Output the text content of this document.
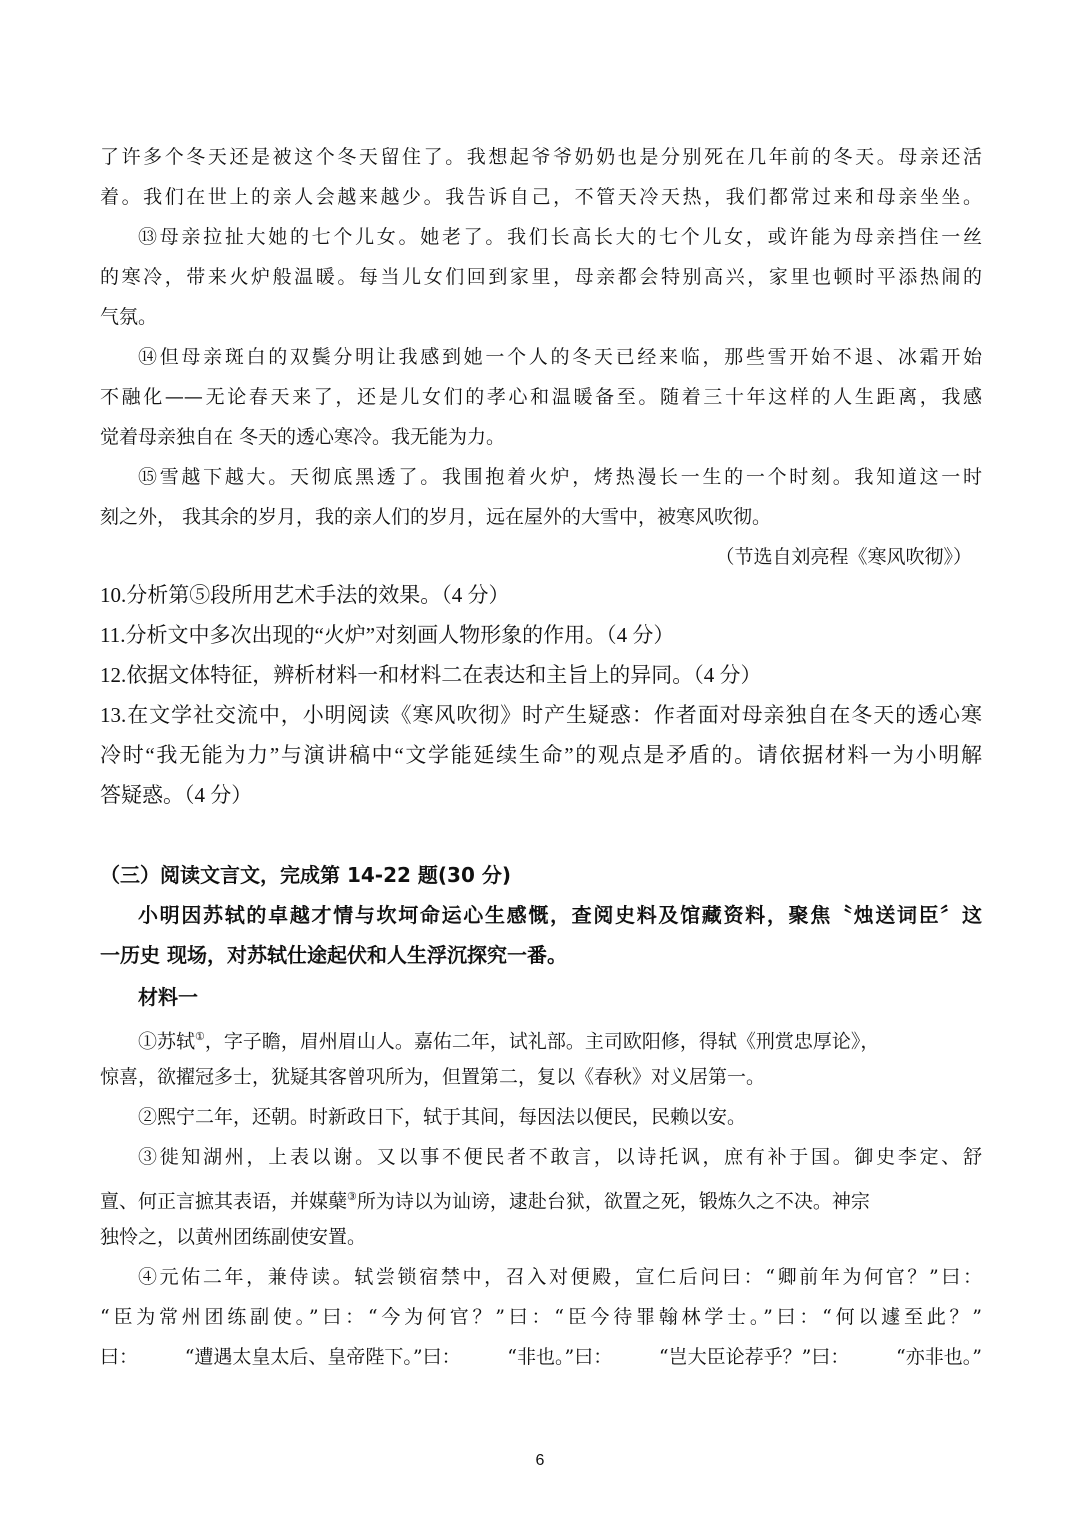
了许多个冬天还是被这个冬天留住了。我想起爷爷奶奶也是分别死在几年前的冬天。母亲还活

着。我们在世上的亲人会越来越少。我告诉自己，不管天冷天热，我们都常过来和母亲坐坐。

⑬母亲拉扯大她的七个儿女。她老了。我们长高长大的七个儿女，或许能为母亲挡住一丝

的寒冷，带来火炉般温暖。每当儿女们回到家里，母亲都会特别高兴，家里也顿时平添热闹的

气氛。

⑭但母亲斑白的双鬓分明让我感到她一个人的冬天已经来临，那些雪开始不退、冰霜开始

不融化——无论春天来了，还是儿女们的孝心和温暖备至。随着三十年这样的人生距离，我感

觉着母亲独自在 冬天的透心寒冷。我无能为力。

⑮雪越下越大。天彻底黑透了。我围抱着火炉，烤热漫长一生的一个时刻。我知道这一时

刻之外， 我其余的岁月，我的亲人们的岁月，远在屋外的大雪中，被寒风吹彻。

（节选自刘亮程《寒风吹彻》）

10.分析第⑤段所用艺术手法的效果。（4 分）

11.分析文中多次出现的“火炉”对刻画人物形象的作用。（4 分）

12.依据文体特征，辨析材料一和材料二在表达和主旨上的异同。（4 分）

13.在文学社交流中，小明阅读《寒风吹彻》时产生疑惑：作者面对母亲独自在冬天的透心寒

冷时“我无能为力”与演讲稿中“文学能延续生命”的观点是矛盾的。请依据材料一为小明解

答疑惑。（4 分）

（三）阅读文言文，完成第 14-22 题(30 分)

小明因苏轼的卓越才情与坎坷命运心生感慨，查阅史料及馆藏资料，聚焦〝烛送词臣〞这

一历史 现场，对苏轼仕途起伏和人生浮沉探究一番。

材料一

①苏轼①，字子瞻，眉州眉山人。嘉佑二年，试礼部。主司欧阳修，得轼《刑赏忠厚论》，

惊喜，欲擢冠多士，犹疑其客曾巩所为，但置第二，复以《春秋》对义居第一。

②熙宁二年，还朝。时新政日下，轼于其间，每因法以便民，民赖以安。

③徙知湖州，上表以谢。又以事不便民者不敢言，以诗托讽，庶有补于国。御史李定、舒

亶、何正言摭其表语，并媒蘖③所为诗以为讪谤，逮赴台狱，欲置之死，锻炼久之不决。神宗

独怜之，以黄州团练副使安置。

④元佑二年，兼侍读。轼尝锁宿禁中，召入对便殿，宣仁后问曰：“卿前年为何官？”曰：

“臣为常州团练副使。”曰：“今为何官？”曰：“臣今待罪翰林学士。”曰：“何以遽至此？”

曰： “遭遇太皇太后、皇帝陛下。”曰： “非也。”曰： “岂大臣论荐乎？”曰： “亦非也。”

6
